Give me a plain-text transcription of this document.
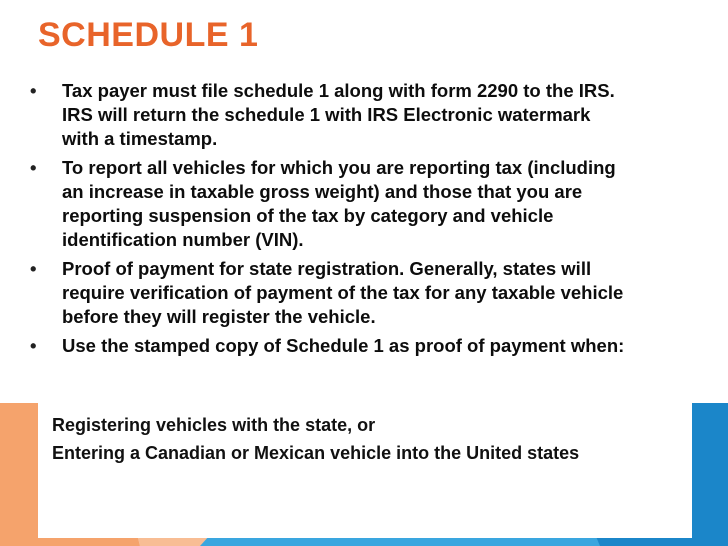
SCHEDULE 1
• Tax payer must file schedule 1 along with form 2290 to the IRS. IRS will return the schedule 1 with IRS Electronic watermark with a timestamp.
• To report all vehicles for which you are reporting tax (including an increase in taxable gross weight) and those that you are reporting suspension of the tax by category and vehicle identification number (VIN).
• Proof of payment for state registration. Generally, states will require verification of payment of the tax for any taxable vehicle before they will register the vehicle.
• Use the stamped copy of Schedule 1 as proof of payment when:

Registering vehicles with the state, or

Entering a Canadian or Mexican vehicle into the United states
